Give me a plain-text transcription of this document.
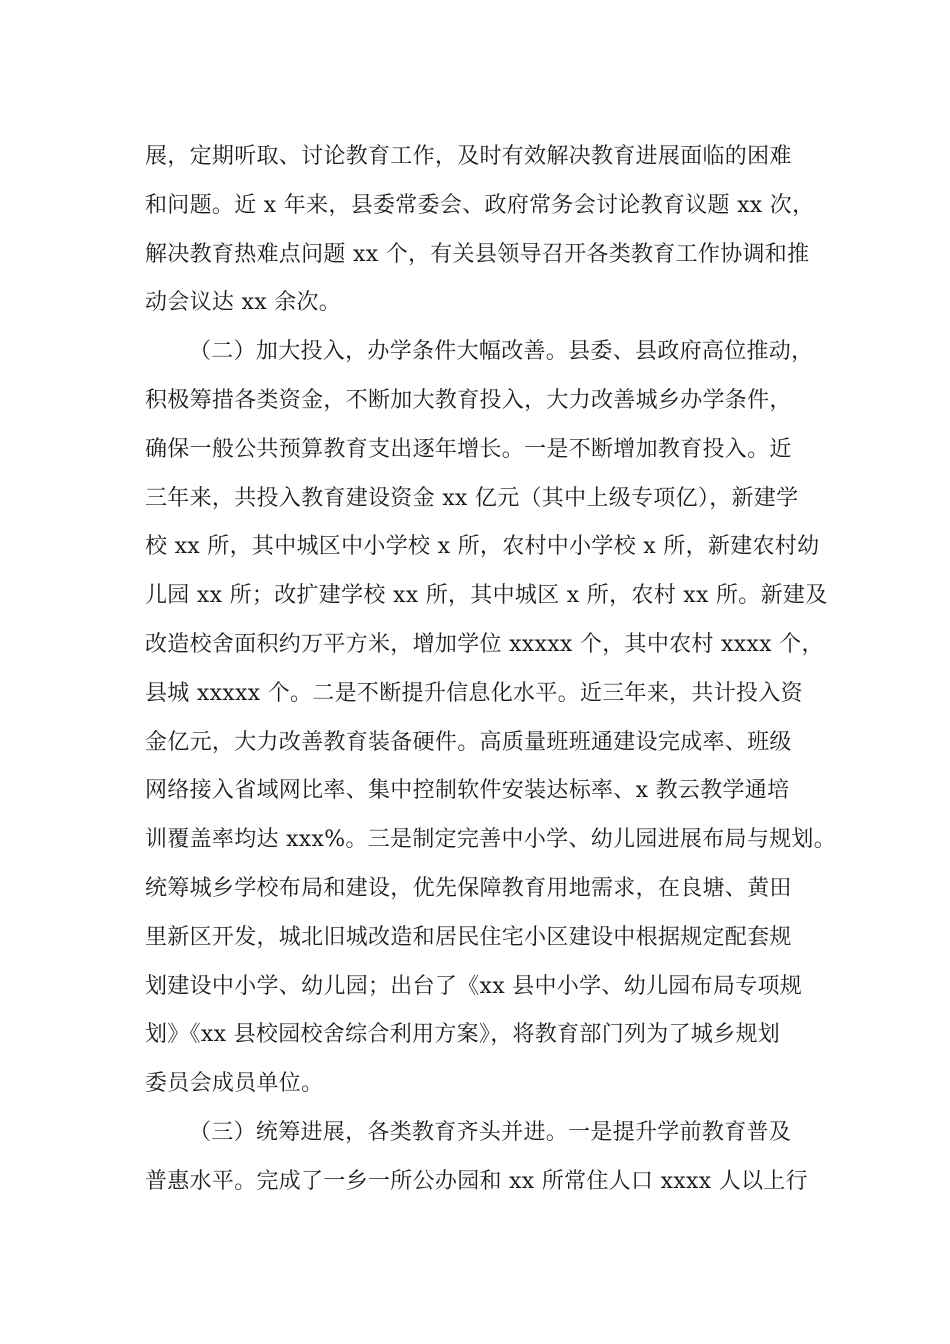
展，定期听取、讨论教育工作，及时有效解决教育进展面临的困难
和问题。近 x 年来，县委常委会、政府常务会讨论教育议题 xx 次，
解决教育热难点问题 xx 个，有关县领导召开各类教育工作协调和推
动会议达 xx 余次。
（二）加大投入，办学条件大幅改善。县委、县政府高位推动，
积极筹措各类资金，不断加大教育投入，大力改善城乡办学条件，
确保一般公共预算教育支出逐年增长。一是不断增加教育投入。近
三年来，共投入教育建设资金 xx 亿元（其中上级专项亿），新建学
校 xx 所，其中城区中小学校 x 所，农村中小学校 x 所，新建农村幼
儿园 xx 所；改扩建学校 xx 所，其中城区 x 所，农村 xx 所。新建及
改造校舍面积约万平方米，增加学位 xxxxx 个，其中农村 xxxx 个，
县城 xxxxx 个。二是不断提升信息化水平。近三年来，共计投入资
金亿元，大力改善教育装备硬件。高质量班班通建设完成率、班级
网络接入省域网比率、集中控制软件安装达标率、x 教云教学通培
训覆盖率均达 xxx%。三是制定完善中小学、幼儿园进展布局与规划。
统筹城乡学校布局和建设，优先保障教育用地需求，在良塘、黄田
里新区开发，城北旧城改造和居民住宅小区建设中根据规定配套规
划建设中小学、幼儿园；出台了《xx 县中小学、幼儿园布局专项规
划》《xx 县校园校舍综合利用方案》，将教育部门列为了城乡规划
委员会成员单位。
（三）统筹进展，各类教育齐头并进。一是提升学前教育普及
普惠水平。完成了一乡一所公办园和 xx 所常住人口 xxxx 人以上行
